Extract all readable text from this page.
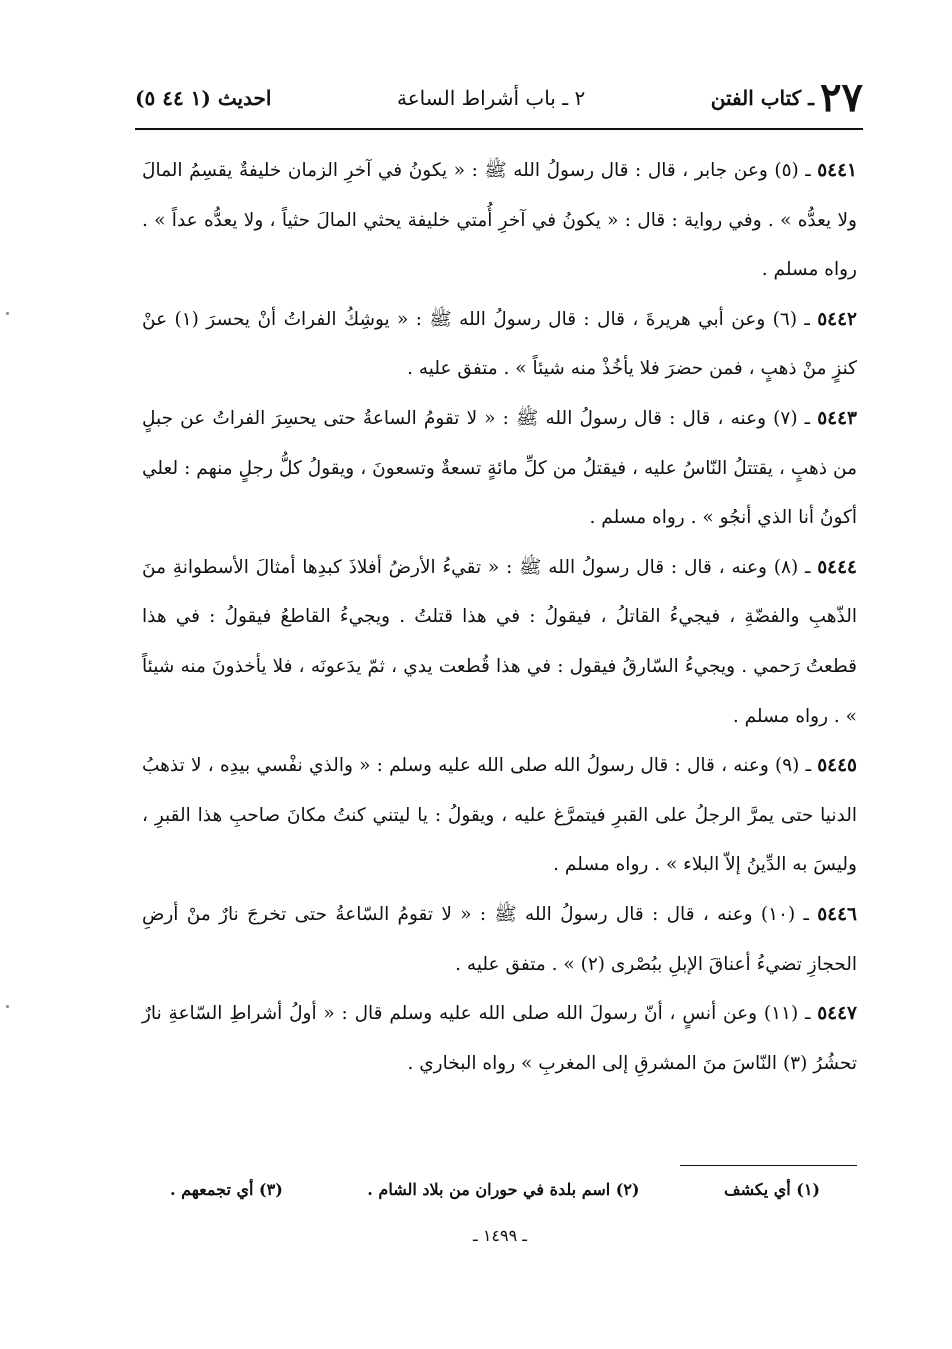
٢٧
ـ كتاب الفتن
٢ ـ باب أشراط الساعة
احديث (١ ٤٤ ٥)

٥٤٤١ ـ (٥) وعن جابر ، قال : قال رسولُ الله ﷺ : « يكونُ في آخرِ الزمان خليفةٌ يقسِمُ المالَ ولا يعدُّه » . وفي رواية : قال : « يكونُ في آخرِ أُمتي خليفة يحثي المالَ حثياً ، ولا يعدُّه عداً » . رواه مسلم .

٥٤٤٢ ـ (٦) وعن أبي هريرةَ ، قال : قال رسولُ الله ﷺ : « يوشِكُ الفراتُ أنْ يحسرَ (١) عنْ كنزٍ منْ ذهبٍ ، فمن حضرَ فلا يأخُذْ منه شيئاً » . متفق عليه .

٥٤٤٣ ـ (٧) وعنه ، قال : قال رسولُ الله ﷺ : « لا تقومُ الساعةُ حتى يحسِرَ الفراتُ عن جبلٍ من ذهبٍ ، يقتتلُ النّاسُ عليه ، فيقتلُ من كلِّ مائةٍ تسعةٌ وتسعونَ ، ويقولُ كلُّ رجلٍ منهم : لعلي أكونُ أنا الذي أنجُو » . رواه مسلم .

٥٤٤٤ ـ (٨) وعنه ، قال : قال رسولُ الله ﷺ : « تقيءُ الأرضُ أفلاذَ كبدِها أمثالَ الأسطوانةِ منَ الذّهبِ والفضّةِ ، فيجيءُ القاتلُ ، فيقولُ : في هذا قتلتُ . ويجيءُ القاطعُ فيقولُ : في هذا قطعتُ رَحمي . ويجيءُ السّارقُ فيقول : في هذا قُطعت يدي ، ثمّ يدَعونَه ، فلا يأخذونَ منه شيئاً » . رواه مسلم .

٥٤٤٥ ـ (٩) وعنه ، قال : قال رسولُ الله صلى الله عليه وسلم : « والذي نفْسي بيدِه ، لا تذهبُ الدنيا حتى يمرَّ الرجلُ على القبرِ فيتمرَّغ عليه ، ويقولُ : يا ليتني كنتُ مكانَ صاحبِ هذا القبرِ ، وليسَ به الدِّينُ إلاّ البلاء » . رواه مسلم .

٥٤٤٦ ـ (١٠) وعنه ، قال : قال رسولُ الله ﷺ : « لا تقومُ السّاعةُ حتى تخرجَ نارٌ منْ أرضِ الحجازِ تضيءُ أعناقَ الإبلِ ببُصْرى (٢) » . متفق عليه .

٥٤٤٧ ـ (١١) وعن أنسٍ ، أنّ رسولَ الله صلى الله عليه وسلم قال : « أولُ أشراطِ السّاعةِ نارٌ تحشُرُ (٣) النّاسَ منَ المشرقِ إلى المغربِ » رواه البخاري .

(١) أي يكشف
(٢) اسم بلدة في حوران من بلاد الشام .
(٣) أي تجمعهم .
ـ ١٤٩٩ ـ
